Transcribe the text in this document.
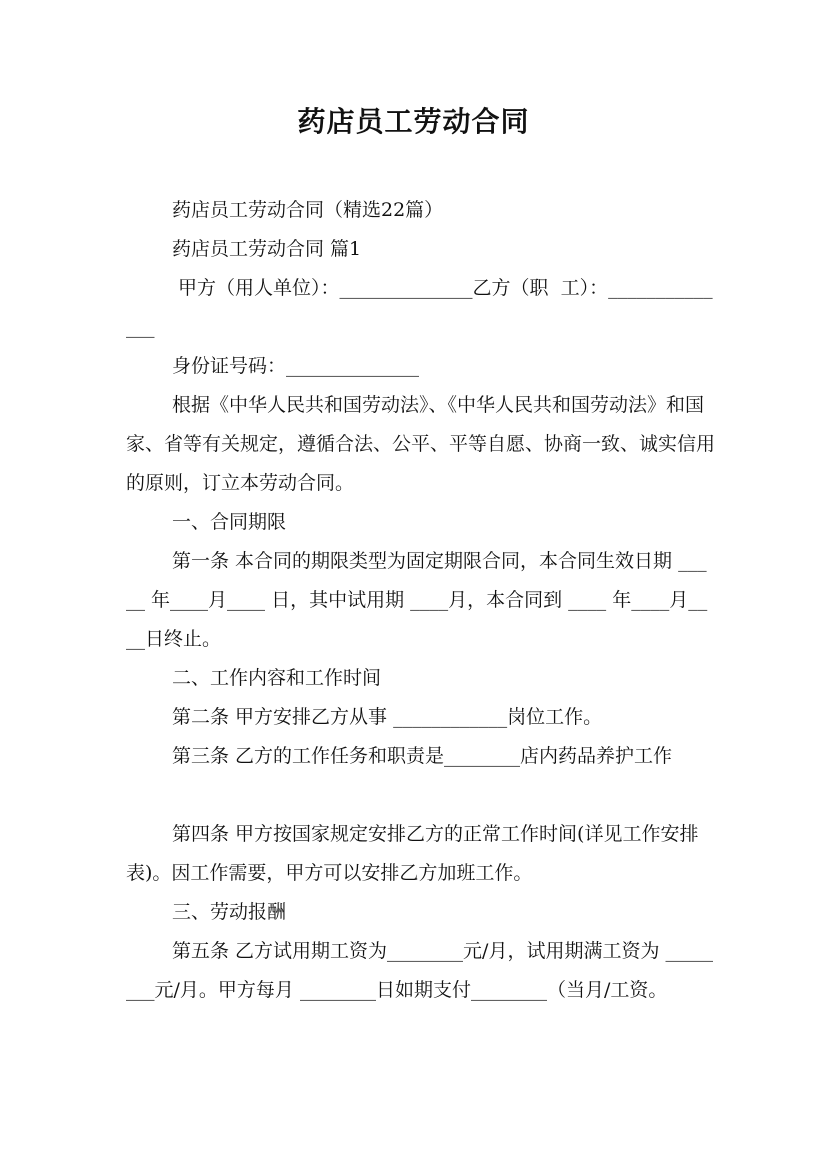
药店员工劳动合同
药店员工劳动合同（精选22篇）
药店员工劳动合同 篇1
甲方（用人单位）：______________乙方（职  工）：______________
身份证号码：______________
根据《中华人民共和国劳动法》、《中华人民共和国劳动法》和国家、省等有关规定，遵循合法、公平、平等自愿、协商一致、诚实信用的原则，订立本劳动合同。
一、合同期限
第一条 本合同的期限类型为固定期限合同，本合同生效日期 _____ 年____月____ 日，其中试用期 ____月，本合同到 ____ 年____月____日终止。
二、工作内容和工作时间
第二条 甲方安排乙方从事 ____________岗位工作。
第三条 乙方的工作任务和职责是________店内药品养护工作
第四条 甲方按国家规定安排乙方的正常工作时间(详见工作安排表)。因工作需要，甲方可以安排乙方加班工作。
三、劳动报酬
第五条 乙方试用期工资为________元/月，试用期满工资为 ________元/月。甲方每月 ________日如期支付________（当月/工资。
